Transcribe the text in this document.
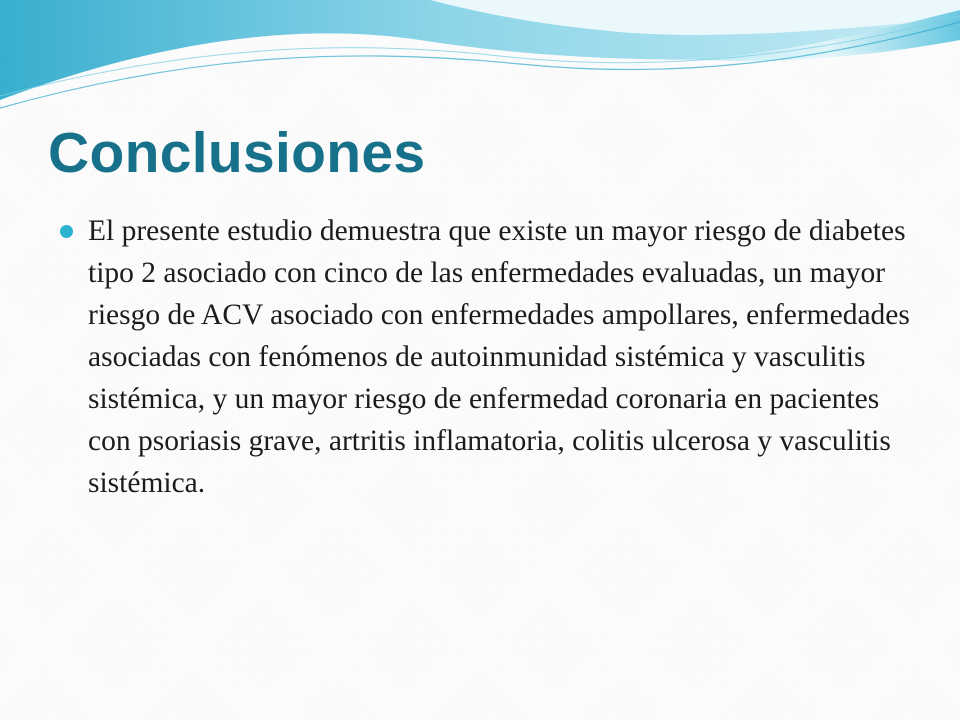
Conclusiones

El presente estudio demuestra que existe un mayor riesgo de diabetes tipo 2 asociado con cinco de las enfermedades evaluadas, un mayor riesgo de ACV asociado con enfermedades ampollares, enfermedades asociadas con fenómenos de autoinmunidad sistémica y vasculitis sistémica, y un mayor riesgo de enfermedad coronaria en pacientes con psoriasis grave, artritis inflamatoria, colitis ulcerosa y vasculitis sistémica.
